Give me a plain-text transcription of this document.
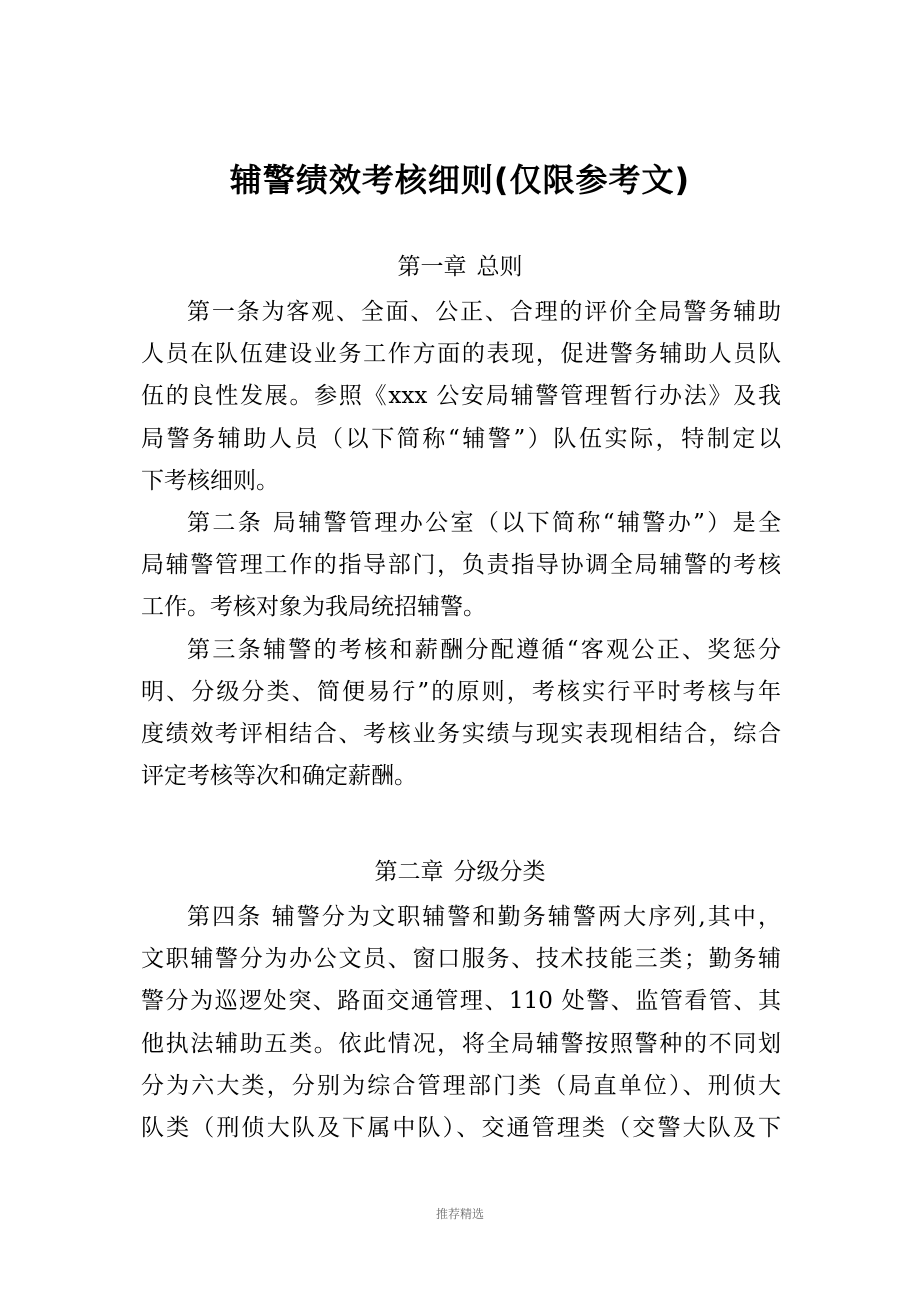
辅警绩效考核细则(仅限参考文)
第一章 总则
第一条为客观、全面、公正、合理的评价全局警务辅助
人员在队伍建设业务工作方面的表现，促进警务辅助人员队
伍的良性发展。参照《xxx 公安局辅警管理暂行办法》及我
局警务辅助人员（以下简称“辅警”）队伍实际，特制定以
下考核细则。
第二条 局辅警管理办公室（以下简称“辅警办”）是全
局辅警管理工作的指导部门，负责指导协调全局辅警的考核
工作。考核对象为我局统招辅警。
第三条辅警的考核和薪酬分配遵循“客观公正、奖惩分
明、分级分类、简便易行”的原则，考核实行平时考核与年
度绩效考评相结合、考核业务实绩与现实表现相结合，综合
评定考核等次和确定薪酬。
第二章 分级分类
第四条 辅警分为文职辅警和勤务辅警两大序列,其中，
文职辅警分为办公文员、窗口服务、技术技能三类；勤务辅
警分为巡逻处突、路面交通管理、110 处警、监管看管、其
他执法辅助五类。依此情况，将全局辅警按照警种的不同划
分为六大类，分别为综合管理部门类（局直单位）、刑侦大
队类（刑侦大队及下属中队）、交通管理类（交警大队及下
推荐精选
